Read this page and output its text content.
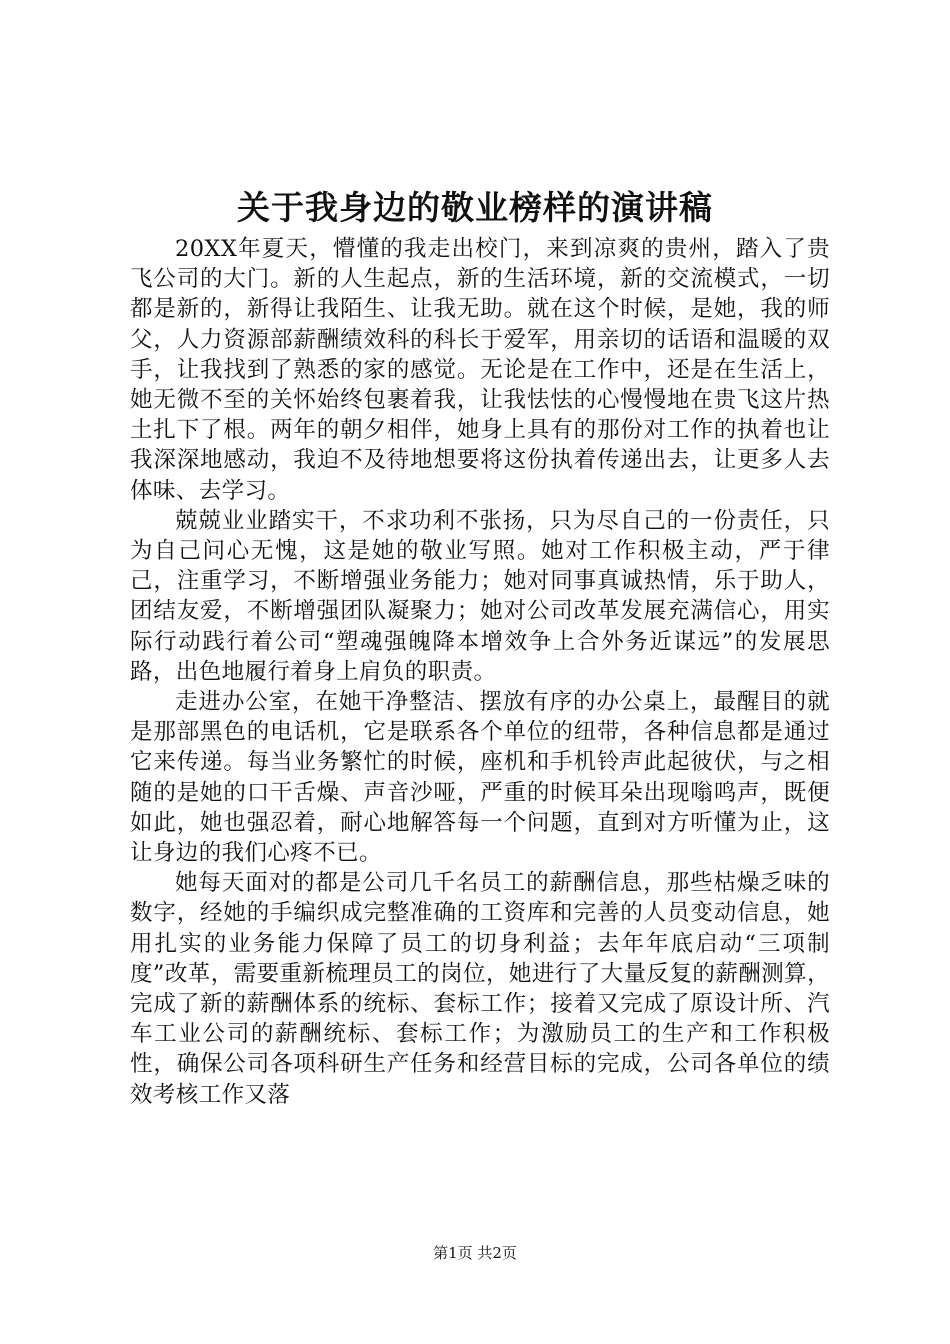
关于我身边的敬业榜样的演讲稿

20XX年夏天，懵懂的我走出校门，来到凉爽的贵州，踏入了贵飞公司的大门。新的人生起点，新的生活环境，新的交流模式，一切都是新的，新得让我陌生、让我无助。就在这个时候，是她，我的师父，人力资源部薪酬绩效科的科长于爱军，用亲切的话语和温暖的双手，让我找到了熟悉的家的感觉。无论是在工作中，还是在生活上，她无微不至的关怀始终包裹着我，让我怯怯的心慢慢地在贵飞这片热土扎下了根。两年的朝夕相伴，她身上具有的那份对工作的执着也让我深深地感动，我迫不及待地想要将这份执着传递出去，让更多人去体味、去学习。

兢兢业业踏实干，不求功利不张扬，只为尽自己的一份责任，只为自己问心无愧，这是她的敬业写照。她对工作积极主动，严于律己，注重学习，不断增强业务能力；她对同事真诚热情，乐于助人，团结友爱，不断增强团队凝聚力；她对公司改革发展充满信心，用实际行动践行着公司“塑魂强魄降本增效争上合外务近谋远”的发展思路，出色地履行着身上肩负的职责。

走进办公室，在她干净整洁、摆放有序的办公桌上，最醒目的就是那部黑色的电话机，它是联系各个单位的纽带，各种信息都是通过它来传递。每当业务繁忙的时候，座机和手机铃声此起彼伏，与之相随的是她的口干舌燥、声音沙哑，严重的时候耳朵出现嗡鸣声，既便如此，她也强忍着，耐心地解答每一个问题，直到对方听懂为止，这让身边的我们心疼不已。

她每天面对的都是公司几千名员工的薪酬信息，那些枯燥乏味的数字，经她的手编织成完整准确的工资库和完善的人员变动信息，她用扎实的业务能力保障了员工的切身利益；去年年底启动“三项制度”改革，需要重新梳理员工的岗位，她进行了大量反复的薪酬测算，完成了新的薪酬体系的统标、套标工作；接着又完成了原设计所、汽车工业公司的薪酬统标、套标工作；为激励员工的生产和工作积极性，确保公司各项科研生产任务和经营目标的完成，公司各单位的绩效考核工作又落

第1页 共2页
